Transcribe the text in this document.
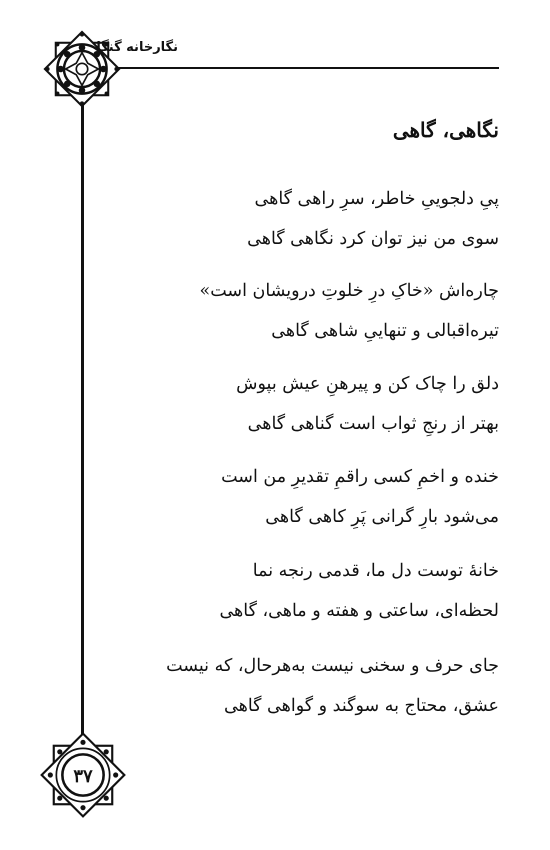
نگارخانه گنگا
نگاهی، گاهی
پیِ دلجوییِ خاطر، سرِ راهی گاهی
سوی من نیز توان کرد نگاهی گاهی
چاره‌اش «خاکِ درِ خلوتِ درویشان است»
تیره‌اقبالی و تنهاییِ شاهی گاهی
دلق را چاک کن و پیرهنِ عیش بپوش
بهتر از رنجِ ثواب است گناهی گاهی
خنده و اخمِ کسی راقمِ تقدیرِ من است
می‌شود بارِ گرانی پَرِ کاهی گاهی
خانهٔ توست دل ما، قدمی رنجه نما
لحظه‌ای، ساعتی و هفته و ماهی، گاهی
جای حرف و سخنی نیست به‌هرحال، که نیست
عشق، محتاج به سوگند و گواهی گاهی
۳۷
